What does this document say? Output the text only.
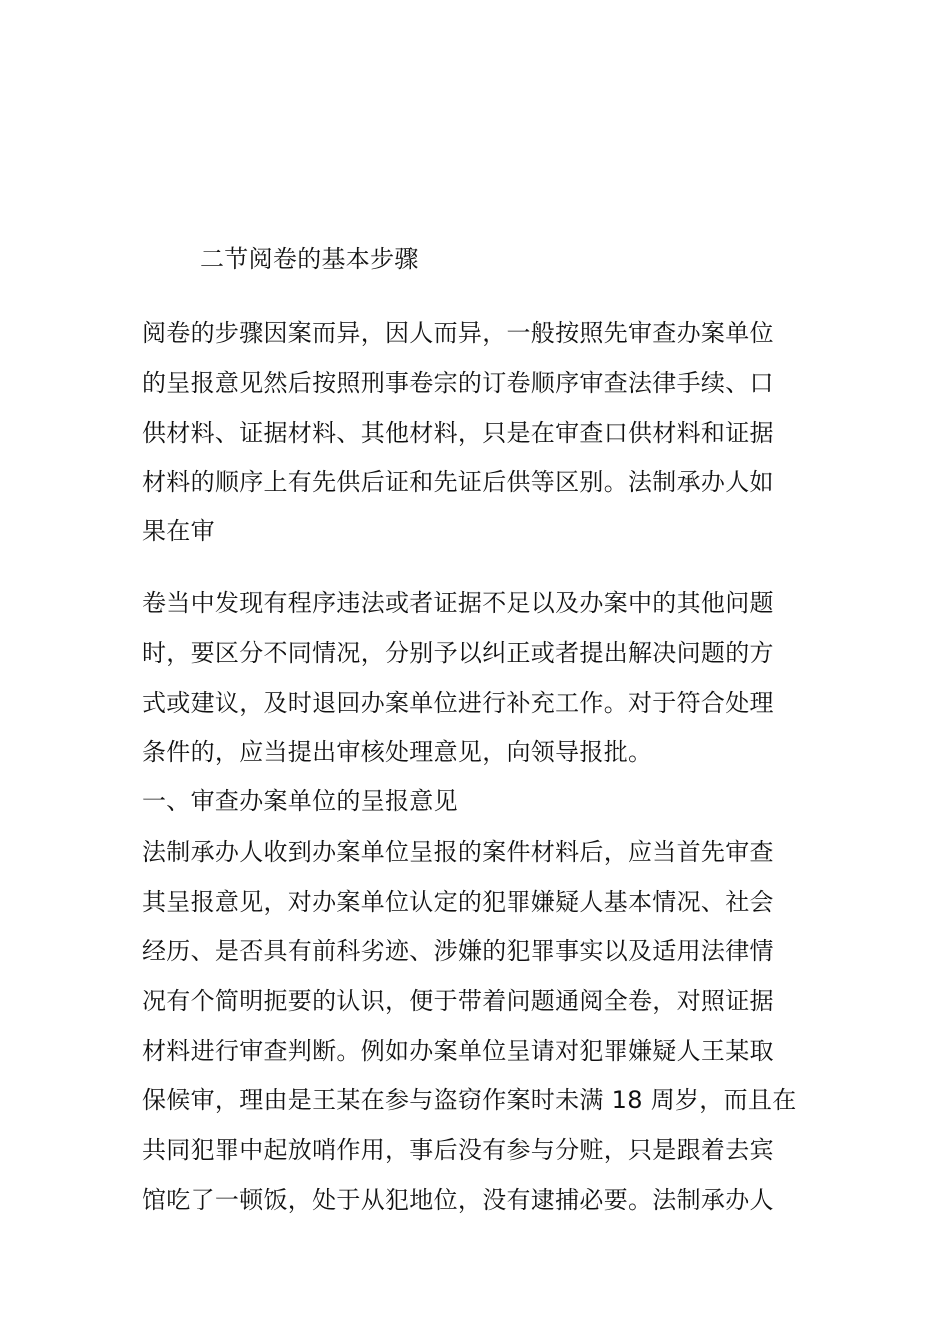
二节阅卷的基本步骤
阅卷的步骤因案而异，因人而异，一般按照先审查办案单位
的呈报意见然后按照刑事卷宗的订卷顺序审查法律手续、口
供材料、证据材料、其他材料，只是在审查口供材料和证据
材料的顺序上有先供后证和先证后供等区别。法制承办人如
果在审
卷当中发现有程序违法或者证据不足以及办案中的其他问题
时，要区分不同情况，分别予以纠正或者提出解决问题的方
式或建议，及时退回办案单位进行补充工作。对于符合处理
条件的，应当提出审核处理意见，向领导报批。
一、审查办案单位的呈报意见
法制承办人收到办案单位呈报的案件材料后，应当首先审查
其呈报意见，对办案单位认定的犯罪嫌疑人基本情况、社会
经历、是否具有前科劣迹、涉嫌的犯罪事实以及适用法律情
况有个简明扼要的认识，便于带着问题通阅全卷，对照证据
材料进行审查判断。例如办案单位呈请对犯罪嫌疑人王某取
保候审，理由是王某在参与盗窃作案时未满 18 周岁，而且在
共同犯罪中起放哨作用，事后没有参与分赃，只是跟着去宾
馆吃了一顿饭，处于从犯地位，没有逮捕必要。法制承办人
